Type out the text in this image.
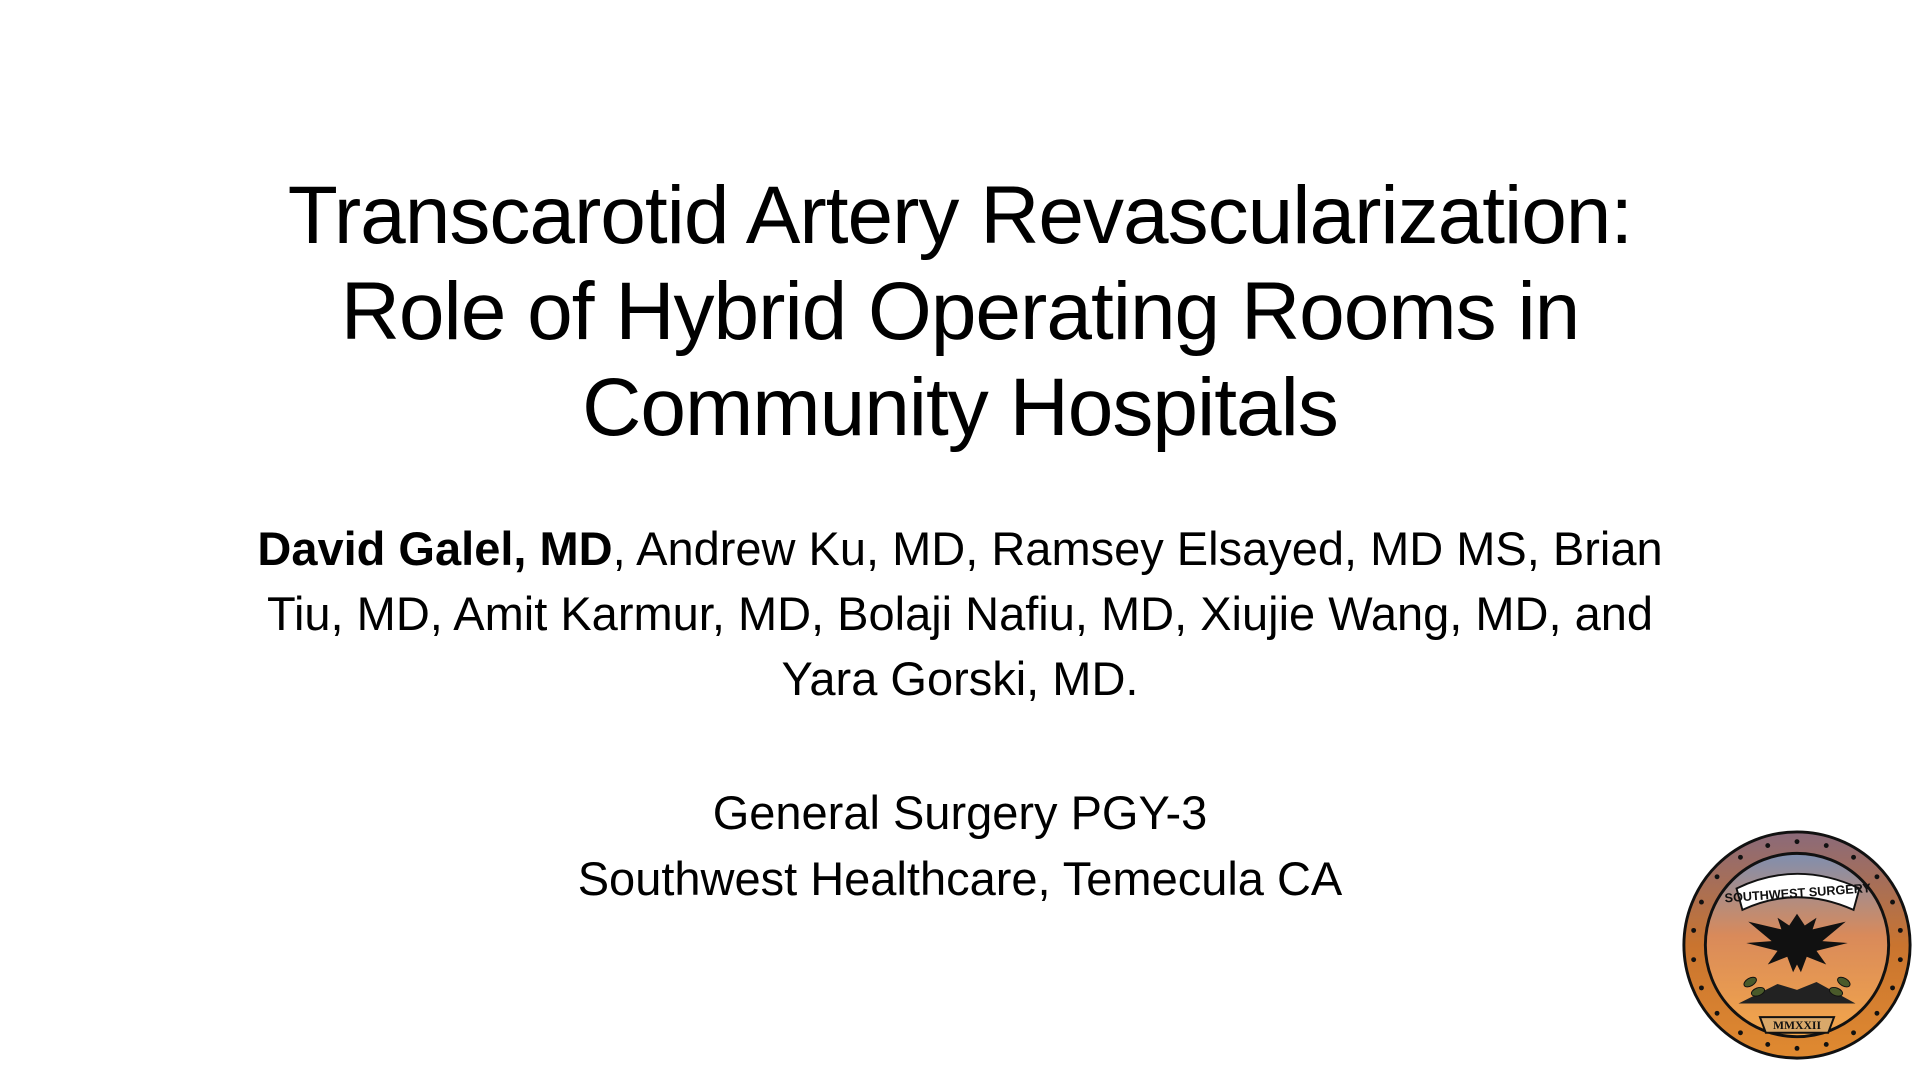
Transcarotid Artery Revascularization:
Role of Hybrid Operating Rooms in
Community Hospitals
David Galel, MD, Andrew Ku, MD, Ramsey Elsayed, MD MS, Brian
Tiu, MD, Amit Karmur, MD, Bolaji Nafiu, MD, Xiujie Wang, MD, and
Yara Gorski, MD.
General Surgery PGY-3
Southwest Healthcare, Temecula CA	SOUTHWEST SURGERY
MMXXII
